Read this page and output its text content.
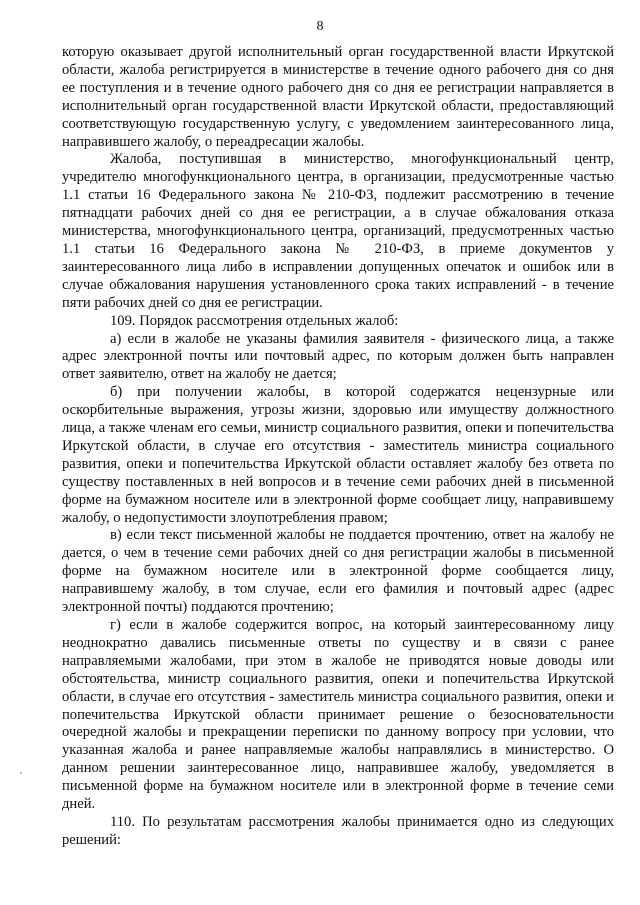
8

которую оказывает другой исполнительный орган государственной власти Иркутской области, жалоба регистрируется в министерстве в течение одного рабочего дня со дня ее поступления и в течение одного рабочего дня со дня ее регистрации направляется в исполнительный орган государственной власти Иркутской области, предоставляющий соответствующую государственную услугу, с уведомлением заинтересованного лица, направившего жалобу, о переадресации жалобы.

Жалоба, поступившая в министерство, многофункциональный центр, учредителю многофункционального центра, в организации, предусмотренные частью 1.1 статьи 16 Федерального закона № 210-ФЗ, подлежит рассмотрению в течение пятнадцати рабочих дней со дня ее регистрации, а в случае обжалования отказа министерства, многофункционального центра, организаций, предусмотренных частью 1.1 статьи 16 Федерального закона № 210-ФЗ, в приеме документов у заинтересованного лица либо в исправлении допущенных опечаток и ошибок или в случае обжалования нарушения установленного срока таких исправлений - в течение пяти рабочих дней со дня ее регистрации.

109. Порядок рассмотрения отдельных жалоб:

а) если в жалобе не указаны фамилия заявителя - физического лица, а также адрес электронной почты или почтовый адрес, по которым должен быть направлен ответ заявителю, ответ на жалобу не дается;

б) при получении жалобы, в которой содержатся нецензурные или оскорбительные выражения, угрозы жизни, здоровью или имуществу должностного лица, а также членам его семьи, министр социального развития, опеки и попечительства Иркутской области, в случае его отсутствия - заместитель министра социального развития, опеки и попечительства Иркутской области оставляет жалобу без ответа по существу поставленных в ней вопросов и в течение семи рабочих дней в письменной форме на бумажном носителе или в электронной форме сообщает лицу, направившему жалобу, о недопустимости злоупотребления правом;

в) если текст письменной жалобы не поддается прочтению, ответ на жалобу не дается, о чем в течение семи рабочих дней со дня регистрации жалобы в письменной форме на бумажном носителе или в электронной форме сообщается лицу, направившему жалобу, в том случае, если его фамилия и почтовый адрес (адрес электронной почты) поддаются прочтению;

г) если в жалобе содержится вопрос, на который заинтересованному лицу неоднократно давались письменные ответы по существу и в связи с ранее направляемыми жалобами, при этом в жалобе не приводятся новые доводы или обстоятельства, министр социального развития, опеки и попечительства Иркутской области, в случае его отсутствия - заместитель министра социального развития, опеки и попечительства Иркутской области принимает решение о безосновательности очередной жалобы и прекращении переписки по данному вопросу при условии, что указанная жалоба и ранее направляемые жалобы направлялись в министерство. О данном решении заинтересованное лицо, направившее жалобу, уведомляется в письменной форме на бумажном носителе или в электронной форме в течение семи дней.

110. По результатам рассмотрения жалобы принимается одно из следующих решений:
